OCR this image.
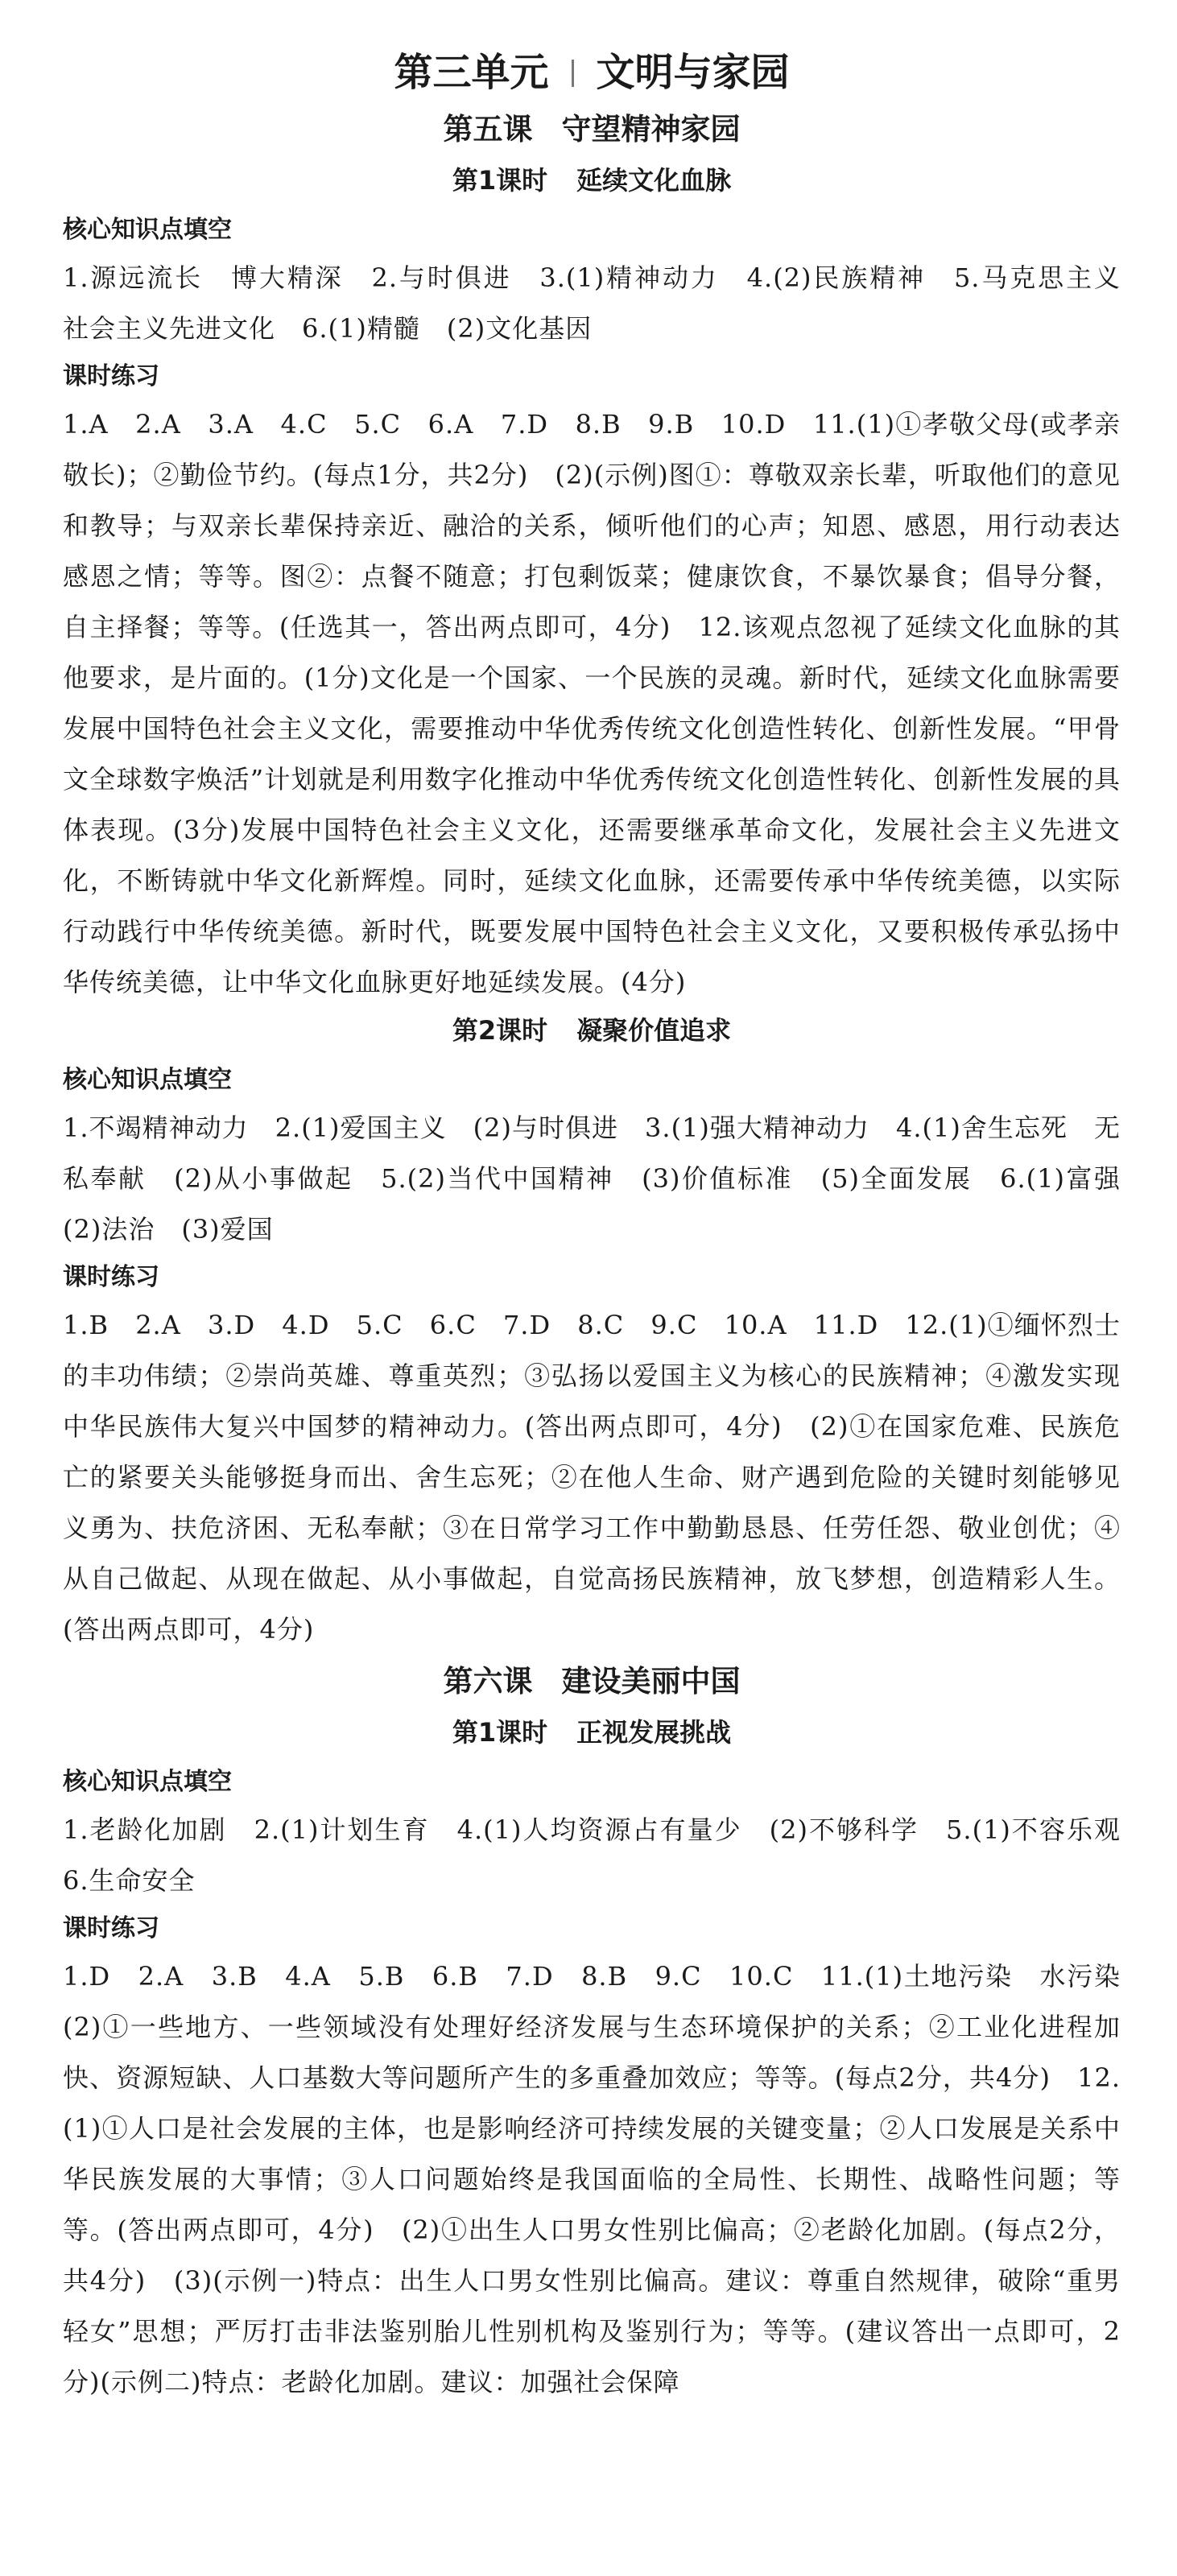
第三单元 文明与家园
第五课 守望精神家园
第1课时 延续文化血脉
核心知识点填空

1.源远流长　博大精深　2.与时俱进　3.(1)精神动力　4.(2)民族精神　5.马克思主义　社会主义先进文化　6.(1)精髓　(2)文化基因

课时练习

1.A　2.A　3.A　4.C　5.C　6.A　7.D　8.B　9.B　10.D　11.(1)①孝敬父母(或孝亲敬长)；②勤俭节约。(每点1分，共2分)　(2)(示例)图①：尊敬双亲长辈，听取他们的意见和教导；与双亲长辈保持亲近、融洽的关系，倾听他们的心声；知恩、感恩，用行动表达感恩之情；等等。图②：点餐不随意；打包剩饭菜；健康饮食，不暴饮暴食；倡导分餐，自主择餐；等等。(任选其一，答出两点即可，4分)　12.该观点忽视了延续文化血脉的其他要求，是片面的。(1分)文化是一个国家、一个民族的灵魂。新时代，延续文化血脉需要发展中国特色社会主义文化，需要推动中华优秀传统文化创造性转化、创新性发展。“甲骨文全球数字焕活”计划就是利用数字化推动中华优秀传统文化创造性转化、创新性发展的具体表现。(3分)发展中国特色社会主义文化，还需要继承革命文化，发展社会主义先进文化，不断铸就中华文化新辉煌。同时，延续文化血脉，还需要传承中华传统美德，以实际行动践行中华传统美德。新时代，既要发展中国特色社会主义文化，又要积极传承弘扬中华传统美德，让中华文化血脉更好地延续发展。(4分)

第2课时 凝聚价值追求
核心知识点填空

1.不竭精神动力　2.(1)爱国主义　(2)与时俱进　3.(1)强大精神动力　4.(1)舍生忘死　无私奉献　(2)从小事做起　5.(2)当代中国精神　(3)价值标准　(5)全面发展　6.(1)富强　(2)法治　(3)爱国

课时练习

1.B　2.A　3.D　4.D　5.C　6.C　7.D　8.C　9.C　10.A　11.D　12.(1)①缅怀烈士的丰功伟绩；②崇尚英雄、尊重英烈；③弘扬以爱国主义为核心的民族精神；④激发实现中华民族伟大复兴中国梦的精神动力。(答出两点即可，4分)　(2)①在国家危难、民族危亡的紧要关头能够挺身而出、舍生忘死；②在他人生命、财产遇到危险的关键时刻能够见义勇为、扶危济困、无私奉献；③在日常学习工作中勤勤恳恳、任劳任怨、敬业创优；④从自己做起、从现在做起、从小事做起，自觉高扬民族精神，放飞梦想，创造精彩人生。(答出两点即可，4分)

第六课 建设美丽中国
第1课时 正视发展挑战
核心知识点填空

1.老龄化加剧　2.(1)计划生育　4.(1)人均资源占有量少　(2)不够科学　5.(1)不容乐观　6.生命安全

课时练习

1.D　2.A　3.B　4.A　5.B　6.B　7.D　8.B　9.C　10.C　11.(1)土地污染　水污染　(2)①一些地方、一些领域没有处理好经济发展与生态环境保护的关系；②工业化进程加快、资源短缺、人口基数大等问题所产生的多重叠加效应；等等。(每点2分，共4分)　12.(1)①人口是社会发展的主体，也是影响经济可持续发展的关键变量；②人口发展是关系中华民族发展的大事情；③人口问题始终是我国面临的全局性、长期性、战略性问题；等等。(答出两点即可，4分)　(2)①出生人口男女性别比偏高；②老龄化加剧。(每点2分，共4分)　(3)(示例一)特点：出生人口男女性别比偏高。建议：尊重自然规律，破除“重男轻女”思想；严厉打击非法鉴别胎儿性别机构及鉴别行为；等等。(建议答出一点即可，2分)(示例二)特点：老龄化加剧。建议：加强社会保障
